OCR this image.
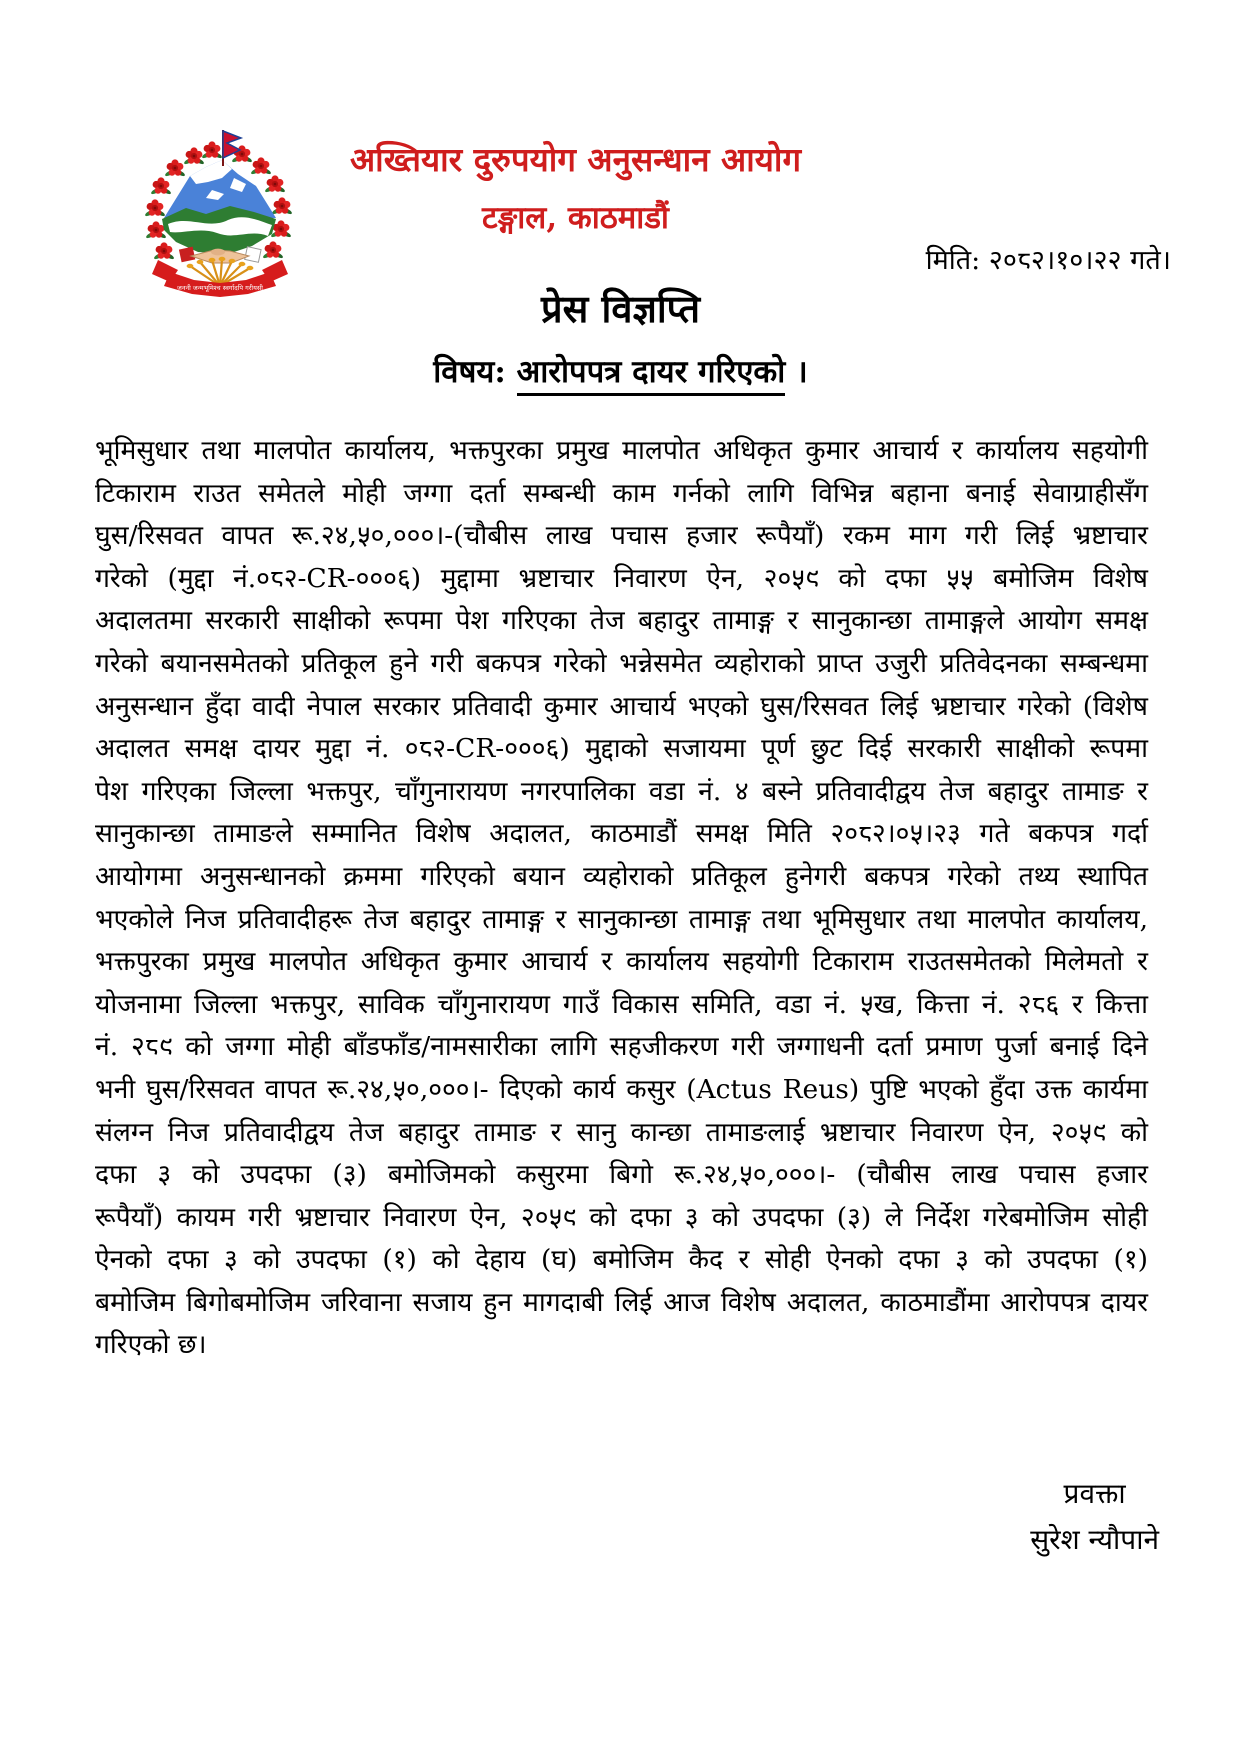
जननी जन्मभूमिश्च स्वर्गादपि गरीयसी
अख्तियार दुरुपयोग अनुसन्धान आयोग
टङ्गाल, काठमाडौं
मिति: २०८२।१०।२२ गते।
प्रेस विज्ञप्ति
विषय: आरोपपत्र दायर गरिएको ।
भूमिसुधार तथा मालपोत कार्यालय, भक्तपुरका प्रमुख मालपोत अधिकृत कुमार आचार्य र कार्यालय सहयोगी
टिकाराम राउत समेतले मोही जग्गा दर्ता सम्बन्धी काम गर्नको लागि विभिन्न बहाना बनाई सेवाग्राहीसँग
घुस/रिसवत वापत रू.२४,५०,०००।-(चौबीस लाख पचास हजार रूपैयाँ) रकम माग गरी लिई भ्रष्टाचार
गरेको (मुद्दा नं.०८२-CR-०००६) मुद्दामा भ्रष्टाचार निवारण ऐन, २०५९ को दफा ५५ बमोजिम विशेष
अदालतमा सरकारी साक्षीको रूपमा पेश गरिएका तेज बहादुर तामाङ्ग र सानुकान्छा तामाङ्गले आयोग समक्ष
गरेको बयानसमेतको प्रतिकूल हुने गरी बकपत्र गरेको भन्नेसमेत व्यहोराको प्राप्त उजुरी प्रतिवेदनका सम्बन्धमा
अनुसन्धान हुँदा वादी नेपाल सरकार प्रतिवादी कुमार आचार्य भएको घुस/रिसवत लिई भ्रष्टाचार गरेको (विशेष
अदालत समक्ष दायर मुद्दा नं. ०८२-CR-०००६) मुद्दाको सजायमा पूर्ण छुट दिई सरकारी साक्षीको रूपमा
पेश गरिएका जिल्ला भक्तपुर, चाँगुनारायण नगरपालिका वडा नं. ४ बस्ने प्रतिवादीद्वय तेज बहादुर तामाङ र
सानुकान्छा तामाङले सम्मानित विशेष अदालत, काठमाडौं समक्ष मिति २०८२।०५।२३ गते बकपत्र गर्दा
आयोगमा अनुसन्धानको क्रममा गरिएको बयान व्यहोराको प्रतिकूल हुनेगरी बकपत्र गरेको तथ्य स्थापित
भएकोले निज प्रतिवादीहरू तेज बहादुर तामाङ्ग र सानुकान्छा तामाङ्ग तथा भूमिसुधार तथा मालपोत कार्यालय,
भक्तपुरका प्रमुख मालपोत अधिकृत कुमार आचार्य र कार्यालय सहयोगी टिकाराम राउतसमेतको मिलेमतो र
योजनामा जिल्ला भक्तपुर, साविक चाँगुनारायण गाउँ विकास समिति, वडा नं. ५ख, कित्ता नं. २८६ र कित्ता
नं. २८९ को जग्गा मोही बाँडफाँड/नामसारीका लागि सहजीकरण गरी जग्गाधनी दर्ता प्रमाण पुर्जा बनाई दिने
भनी घुस/रिसवत वापत रू.२४,५०,०००।- दिएको कार्य कसुर (Actus Reus) पुष्टि भएको हुँदा उक्त कार्यमा
संलग्न निज प्रतिवादीद्वय तेज बहादुर तामाङ र सानु कान्छा तामाङलाई भ्रष्टाचार निवारण ऐन, २०५९ को
दफा ३ को उपदफा (३) बमोजिमको कसुरमा बिगो रू.२४,५०,०००।- (चौबीस लाख पचास हजार
रूपैयाँ) कायम गरी भ्रष्टाचार निवारण ऐन, २०५९ को दफा ३ को उपदफा (३) ले निर्देश गरेबमोजिम सोही
ऐनको दफा ३ को उपदफा (१) को देहाय (घ) बमोजिम कैद र सोही ऐनको दफा ३ को उपदफा (१)
बमोजिम बिगोबमोजिम जरिवाना सजाय हुन मागदाबी लिई आज विशेष अदालत, काठमाडौंमा आरोपपत्र दायर
गरिएको छ।
प्रवक्ता
सुरेश न्यौपाने
